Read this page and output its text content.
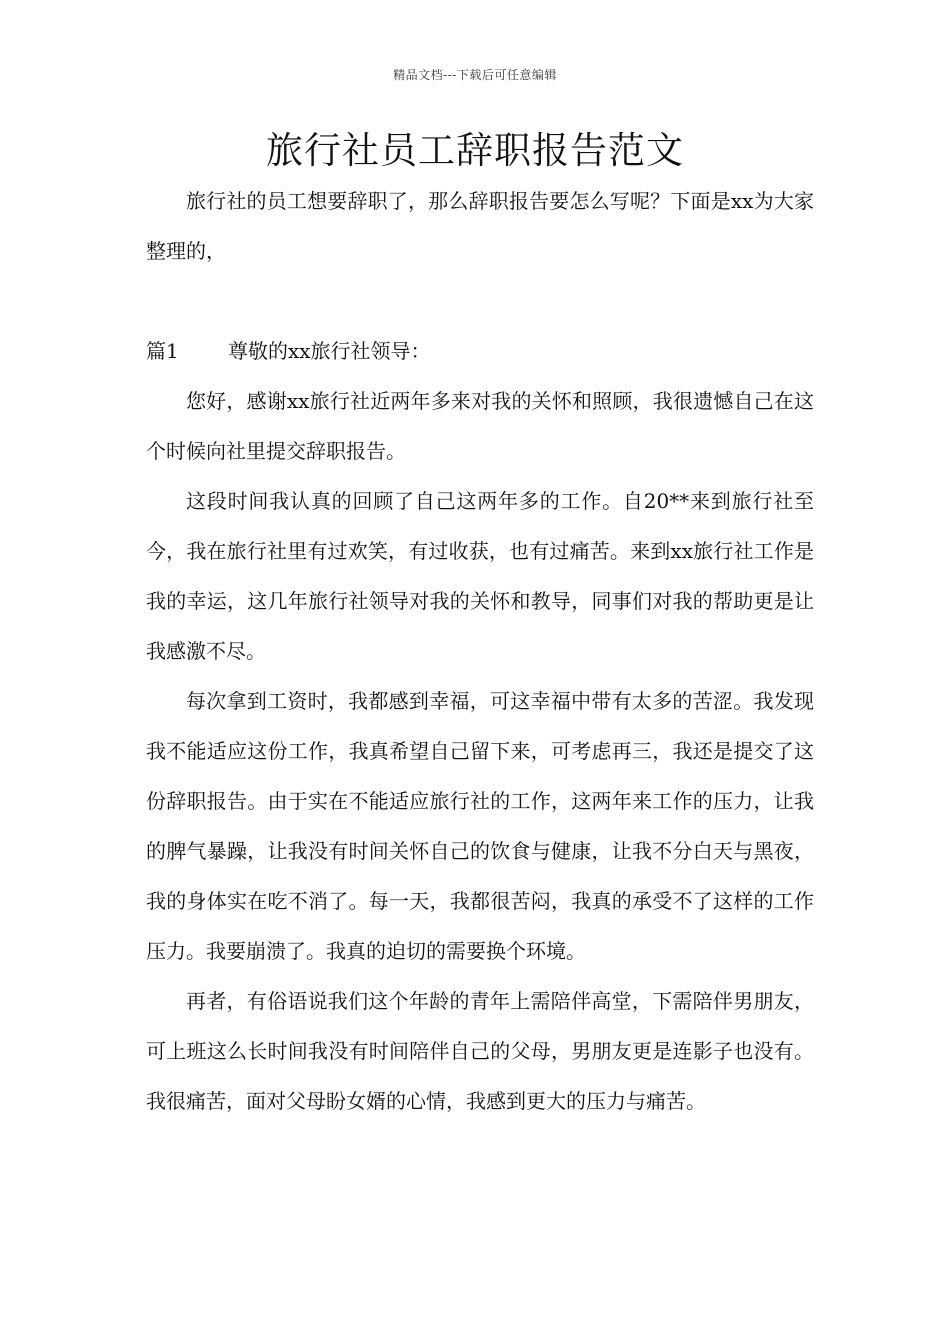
精品文档---下载后可任意编辑
旅行社员工辞职报告范文

旅行社的员工想要辞职了，那么辞职报告要怎么写呢？下面是xx为大家整理的，

篇1	尊敬的xx旅行社领导：

您好，感谢xx旅行社近两年多来对我的关怀和照顾，我很遗憾自己在这个时候向社里提交辞职报告。

这段时间我认真的回顾了自己这两年多的工作。自20**来到旅行社至今，我在旅行社里有过欢笑，有过收获，也有过痛苦。来到xx旅行社工作是我的幸运，这几年旅行社领导对我的关怀和教导，同事们对我的帮助更是让我感激不尽。

每次拿到工资时，我都感到幸福，可这幸福中带有太多的苦涩。我发现我不能适应这份工作，我真希望自己留下来，可考虑再三，我还是提交了这份辞职报告。由于实在不能适应旅行社的工作，这两年来工作的压力，让我的脾气暴躁，让我没有时间关怀自己的饮食与健康，让我不分白天与黑夜，我的身体实在吃不消了。每一天，我都很苦闷，我真的承受不了这样的工作压力。我要崩溃了。我真的迫切的需要换个环境。

再者，有俗语说我们这个年龄的青年上需陪伴高堂，下需陪伴男朋友，可上班这么长时间我没有时间陪伴自己的父母，男朋友更是连影子也没有。我很痛苦，面对父母盼女婿的心情，我感到更大的压力与痛苦。
